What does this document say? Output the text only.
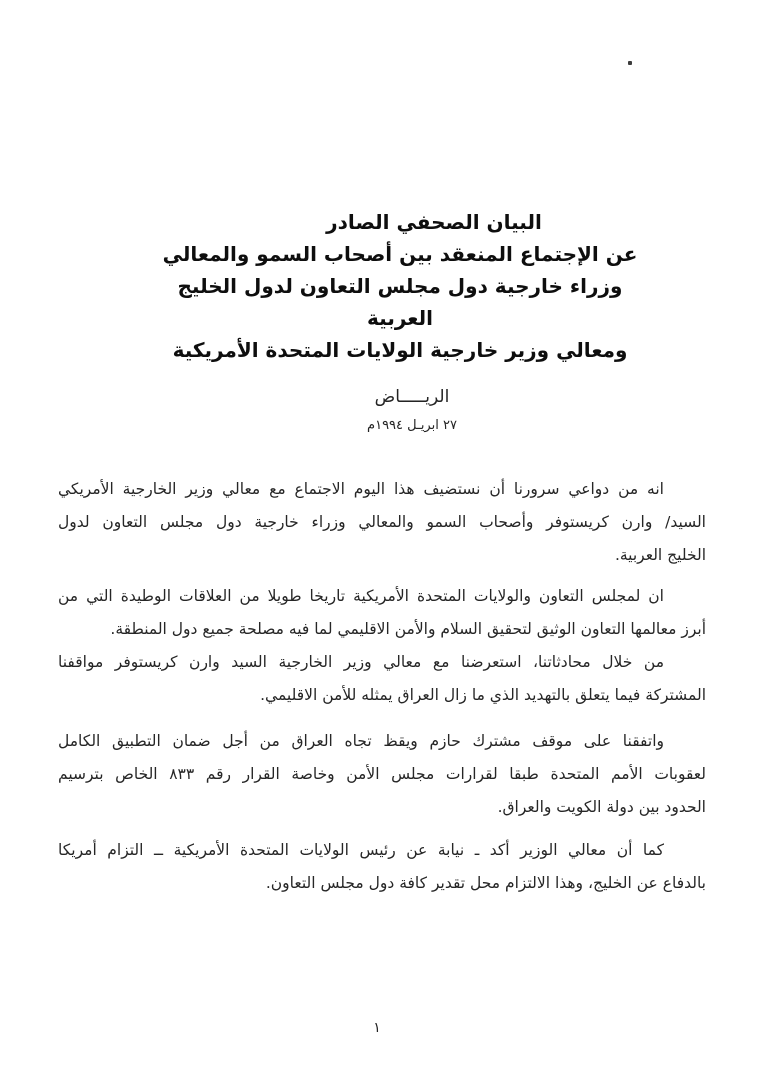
البيان الصحفي الصادر
عن الإجتماع المنعقد بين أصحاب السمو والمعالي
وزراء خارجية دول مجلس التعاون لدول الخليج العربية
ومعالي وزير خارجية الولايات المتحدة الأمريكية
الريـــــاض
٢٧ ابريـل ١٩٩٤م
انه من دواعي سرورنا أن نستضيف هذا اليوم الاجتماع مع معالي وزير الخارجية الأمريكي
السيد/ وارن كريستوفر وأصحاب السمو والمعالي وزراء خارجية دول مجلس التعاون لدول
الخليج العربية.
ان لمجلس التعاون والولايات المتحدة الأمريكية تاريخا طويلا من العلاقات الوطيدة التي من
أبرز معالمها التعاون الوثيق لتحقيق السلام والأمن الاقليمي لما فيه مصلحة جميع دول المنطقة.
من خلال محادثاتنا، استعرضنا مع معالي وزير الخارجية السيد وارن كريستوفر مواقفنا
المشتركة فيما يتعلق بالتهديد الذي ما زال العراق يمثله للأمن الاقليمي.
واتفقنا على موقف مشترك حازم ويقظ تجاه العراق من أجل ضمان التطبيق الكامل
لعقوبات الأمم المتحدة طبقا لقرارات مجلس الأمن وخاصة القرار رقم ٨٣٣ الخاص بترسيم
الحدود بين دولة الكويت والعراق.
كما أن معالي الوزير أكد ـ نيابة عن رئيس الولايات المتحدة الأمريكية ــ التزام أمريكا
بالدفاع عن الخليج، وهذا الالتزام محل تقدير كافة دول مجلس التعاون.
١
